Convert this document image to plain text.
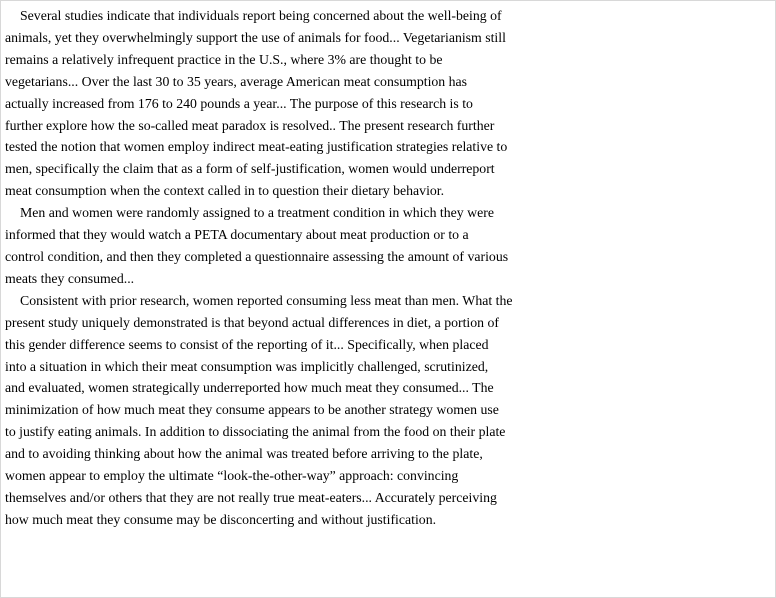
Several studies indicate that individuals report being concerned about the well-being of
animals, yet they overwhelmingly support the use of animals for food... Vegetarianism still
remains a relatively infrequent practice in the U.S., where 3% are thought to be
vegetarians... Over the last 30 to 35 years, average American meat consumption has
actually increased from 176 to 240 pounds a year... The purpose of this research is to
further explore how the so-called meat paradox is resolved.. The present research further
tested the notion that women employ indirect meat-eating justification strategies relative to
men, specifically the claim that as a form of self-justification, women would underreport
meat consumption when the context called in to question their dietary behavior.
Men and women were randomly assigned to a treatment condition in which they were
informed that they would watch a PETA documentary about meat production or to a
control condition, and then they completed a questionnaire assessing the amount of various
meats they consumed...
Consistent with prior research, women reported consuming less meat than men. What the
present study uniquely demonstrated is that beyond actual differences in diet, a portion of
this gender difference seems to consist of the reporting of it... Specifically, when placed
into a situation in which their meat consumption was implicitly challenged, scrutinized,
and evaluated, women strategically underreported how much meat they consumed... The
minimization of how much meat they consume appears to be another strategy women use
to justify eating animals. In addition to dissociating the animal from the food on their plate
and to avoiding thinking about how the animal was treated before arriving to the plate,
women appear to employ the ultimate “look-the-other-way” approach: convincing
themselves and/or others that they are not really true meat-eaters... Accurately perceiving
how much meat they consume may be disconcerting and without justification.
